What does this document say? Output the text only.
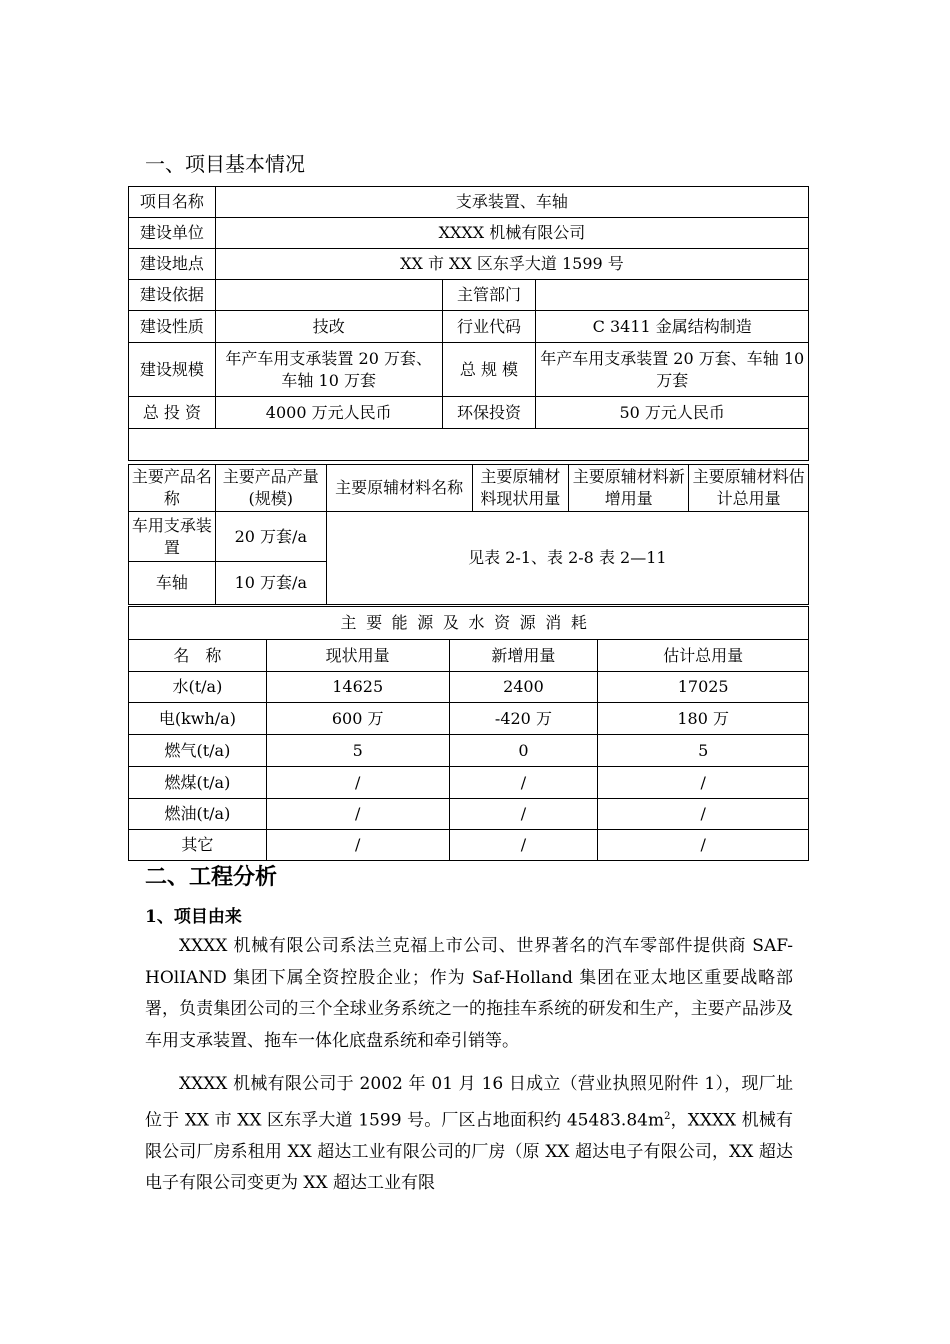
一、项目基本情况
项目名称	支承装置、车轴		
建设单位	XXXX 机械有限公司		
建设地点	XX 市 XX 区东孚大道 1599 号		
建设依据		主管部门	
建设性质	技改	行业代码	C 3411 金属结构制造
建设规模	年产车用支承装置 20 万套、车轴 10 万套	总 规 模	年产车用支承装置 20 万套、车轴 10 万套
总 投 资	4000 万元人民币	环保投资	50 万元人民币

主要产品名称	主要产品产量(规模)	主要原辅材料名称	主要原辅材料现状用量	主要原辅材料新增用量	主要原辅材料估计总用量
车用支承装置	20 万套/a	见表 2-1、表 2-8 表 2—11			
车轴	10 万套/a				
主要能源及水资源消耗			
名　称	现状用量	新增用量	估计总用量
水(t/a)	14625	2400	17025
电(kwh/a)	600 万	-420 万	180 万
燃气(t/a)	5	0	5
燃煤(t/a)	/	/	/
燃油(t/a)	/	/	/
其它	/	/	/
二、工程分析
1、项目由来

XXXX 机械有限公司系法兰克福上市公司、世界著名的汽车零部件提供商 SAF-HOlIAND 集团下属全资控股企业；作为 Saf-Holland 集团在亚太地区重要战略部署，负责集团公司的三个全球业务系统之一的拖挂车系统的研发和生产，主要产品涉及车用支承装置、拖车一体化底盘系统和牵引销等。

XXXX 机械有限公司于 2002 年 01 月 16 日成立（营业执照见附件 1），现厂址位于 XX 市 XX 区东孚大道 1599 号。厂区占地面积约 $45483.84m^2$，XXXX 机械有限公司厂房系租用 XX 超达工业有限公司的厂房（原 XX 超达电子有限公司，XX 超达电子有限公司变更为 XX 超达工业有限
